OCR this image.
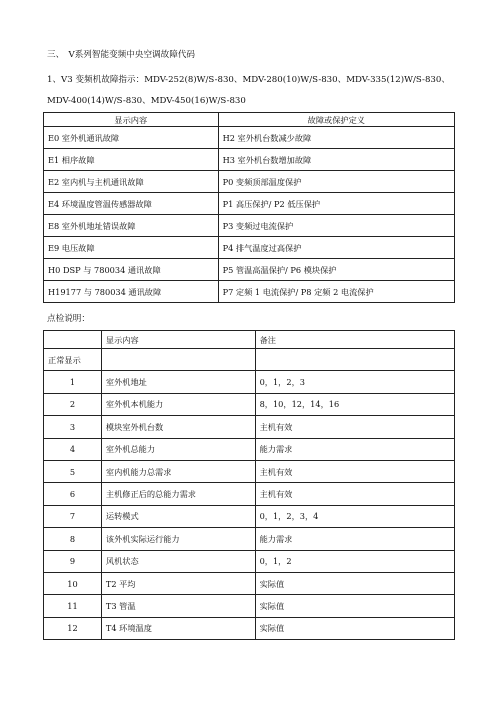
三、　V系列智能变频中央空调故障代码
1、V3 变频机故障指示：MDV-252(8)W/S-830、MDV-280(10)W/S-830、MDV-335(12)W/S-830、
MDV-400(14)W/S-830、MDV-450(16)W/S-830
显示内容	故障或保护定义
E0 室外机通讯故障	H2 室外机台数减少故障
E1 相序故障	H3 室外机台数增加故障
E2 室内机与主机通讯故障	P0 变频顶部温度保护
E4 环境温度管温传感器故障	P1 高压保护/ P2 低压保护
E8 室外机地址错误故障	P3 变频过电流保护
E9 电压故障	P4 排气温度过高保护
H0 DSP 与 780034 通讯故障	P5 管温高温保护/ P6 模块保护
H19177 与 780034 通讯故障	P7 定频 1 电流保护/ P8 定频 2 电流保护
点检说明：
	显示内容	备注
正常显示		
1	室外机地址	0，1，2，3
2	室外机本机能力	8，10，12，14，16
3	模块室外机台数	主机有效
4	室外机总能力	能力需求
5	室内机能力总需求	主机有效
6	主机修正后的总能力需求	主机有效
7	运转模式	0，1，2，3，4
8	该外机实际运行能力	能力需求
9	风机状态	0，1，2
10	T2 平均	实际值
11	T3 管温	实际值
12	T4 环境温度	实际值
